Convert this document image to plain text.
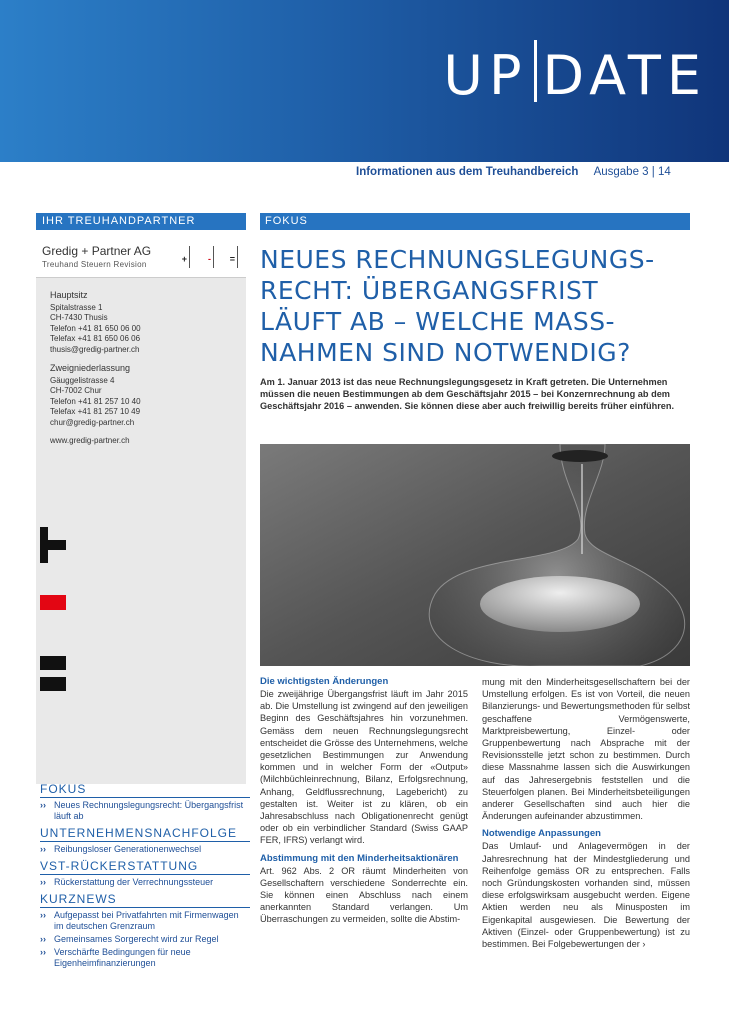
UP DATE
Informationen aus dem Treuhandbereich Ausgabe 3 | 14
IHR TREUHANDPARTNER
Gredig + Partner AG
Treuhand Steuern Revision
+	-	=
Hauptsitz
Spitalstrasse 1
CH-7430 Thusis
Telefon +41 81 650 06 00
Telefax +41 81 650 06 06
thusis@gredig-partner.ch
Zweigniederlassung
Gäuggelistrasse 4
CH-7002 Chur
Telefon +41 81 257 10 40
Telefax +41 81 257 10 49
chur@gredig-partner.ch
www.gredig-partner.ch
FOKUS
›› Neues Rechnungslegungsrecht: Übergangsfrist läuft ab
UNTERNEHMENSNACHFOLGE
›› Reibungsloser Generationenwechsel
VST-RÜCKERSTATTUNG
›› Rückerstattung der Verrechnungssteuer
KURZNEWS
›› Aufgepasst bei Privatfahrten mit Firmenwagen im deutschen Grenzraum
›› Gemeinsames Sorgerecht wird zur Regel
›› Verschärfte Bedingungen für neue Eigenheimfinanzierungen
FOKUS
NEUES RECHNUNGSLEGUNGS-
RECHT: ÜBERGANGSFRIST
LÄUFT AB – WELCHE MASS-
NAHMEN SIND NOTWENDIG?
Am 1. Januar 2013 ist das neue Rechnungslegungsgesetz in Kraft getreten. Die Unternehmen müssen die neuen Bestimmungen ab dem Geschäftsjahr 2015 – bei Konzernrechnung ab dem Geschäftsjahr 2016 – anwenden. Sie können diese aber auch freiwillig bereits früher einführen.
Die wichtigsten Änderungen

Die zweijährige Übergangsfrist läuft im Jahr 2015 ab. Die Umstellung ist zwingend auf den jeweiligen Beginn des Geschäftsjahres hin vorzunehmen. Gemäss dem neuen Rechnungslegungsrecht entscheidet die Grösse des Unternehmens, welche gesetzlichen Bestimmungen zur Anwendung kommen und in welcher Form der «Output» (Milchbüchleinrechnung, Bilanz, Erfolgsrechnung, Anhang, Geldflussrechnung, Lagebericht) zu gestalten ist. Weiter ist zu klären, ob ein Jahresabschluss nach Obligationenrecht genügt oder ob ein verbindlicher Standard (Swiss GAAP FER, IFRS) verlangt wird.

Abstimmung mit den Minderheitsaktionären

Art. 962 Abs. 2 OR räumt Minderheiten von Gesellschaftern verschiedene Sonderrechte ein. Sie können einen Abschluss nach einem anerkannten Standard verlangen. Um Überraschungen zu vermeiden, sollte die Abstim-

mung mit den Minderheitsgesellschaftern bei der Umstellung erfolgen. Es ist von Vorteil, die neuen Bilanzierungs- und Bewertungsmethoden für selbst geschaffene Vermögenswerte, Marktpreisbewertung, Einzel- oder Gruppenbewertung nach Absprache mit der Revisionsstelle jetzt schon zu bestimmen. Durch diese Massnahme lassen sich die Auswirkungen auf das Jahresergebnis feststellen und die Steuerfolgen planen. Bei Minderheitsbeteiligungen anderer Gesellschaften sind auch hier die Änderungen aufeinander abzustimmen.

Notwendige Anpassungen

Das Umlauf- und Anlagevermögen in der Jahresrechnung hat der Mindestgliederung und Reihenfolge gemäss OR zu entsprechen. Falls noch Gründungskosten vorhanden sind, müssen diese erfolgswirksam ausgebucht werden. Eigene Aktien werden neu als Minusposten im Eigenkapital ausgewiesen. Die Bewertung der Aktiven (Einzel- oder Gruppenbewertung) ist zu bestimmen. Bei Folgebewertungen der ›
